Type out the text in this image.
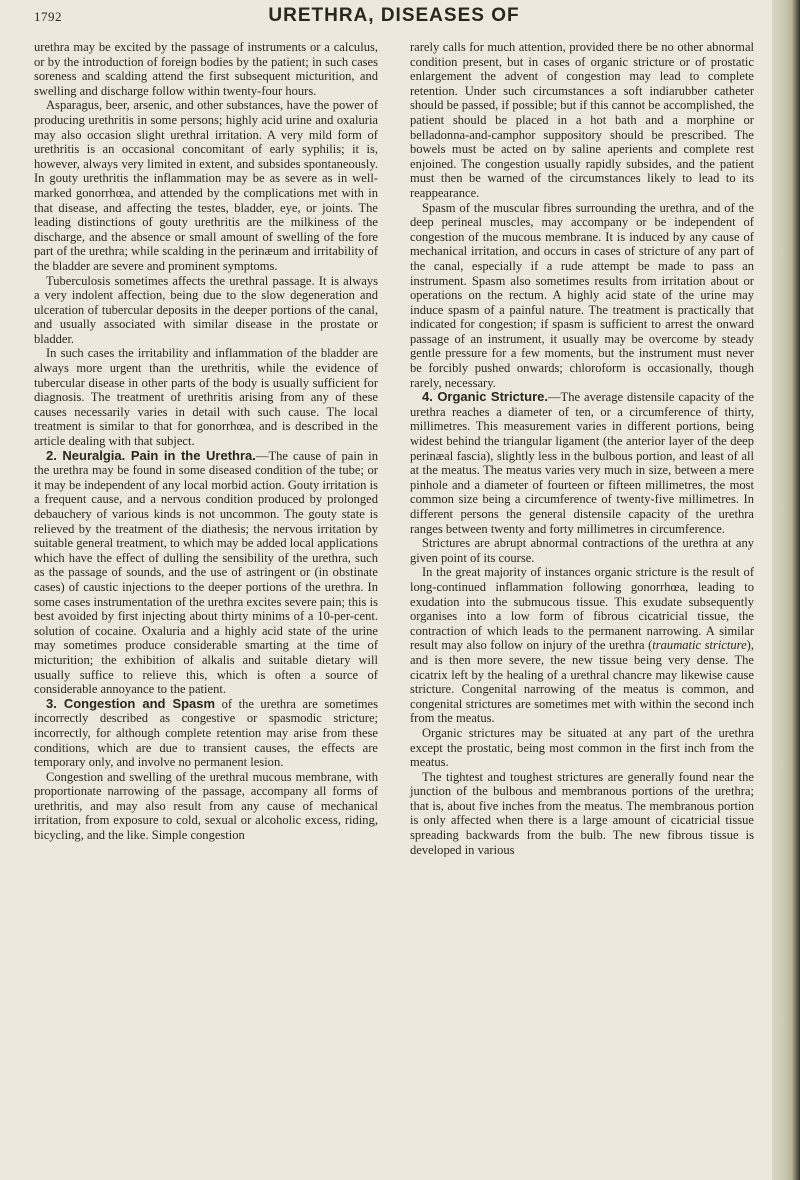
1792	URETHRA, DISEASES OF

urethra may be excited by the passage of instruments or a calculus, or by the introduction of foreign bodies by the patient; in such cases soreness and scalding attend the first subsequent micturition, and swelling and discharge follow within twenty-four hours.

Asparagus, beer, arsenic, and other substances, have the power of producing urethritis in some persons; highly acid urine and oxaluria may also occasion slight urethral irritation. A very mild form of urethritis is an occasional concomitant of early syphilis; it is, however, always very limited in extent, and subsides spontaneously. In gouty urethritis the inflammation may be as severe as in well-marked gonorrhœa, and attended by the complications met with in that disease, and affecting the testes, bladder, eye, or joints. The leading distinctions of gouty urethritis are the milkiness of the discharge, and the absence or small amount of swelling of the fore part of the urethra; while scalding in the perinæum and irritability of the bladder are severe and prominent symptoms.

Tuberculosis sometimes affects the urethral passage. It is always a very indolent affection, being due to the slow degeneration and ulceration of tubercular deposits in the deeper portions of the canal, and usually associated with similar disease in the prostate or bladder.

In such cases the irritability and inflammation of the bladder are always more urgent than the urethritis, while the evidence of tubercular disease in other parts of the body is usually sufficient for diagnosis. The treatment of urethritis arising from any of these causes necessarily varies in detail with such cause. The local treatment is similar to that for gonorrhœa, and is described in the article dealing with that subject.

2. Neuralgia. Pain in the Urethra.—The cause of pain in the urethra may be found in some diseased condition of the tube; or it may be independent of any local morbid action. Gouty irritation is a frequent cause, and a nervous condition produced by prolonged debauchery of various kinds is not uncommon. The gouty state is relieved by the treatment of the diathesis; the nervous irritation by suitable general treatment, to which may be added local applications which have the effect of dulling the sensibility of the urethra, such as the passage of sounds, and the use of astringent or (in obstinate cases) of caustic injections to the deeper portions of the urethra. In some cases instrumentation of the urethra excites severe pain; this is best avoided by first injecting about thirty minims of a 10-per-cent. solution of cocaine. Oxaluria and a highly acid state of the urine may sometimes produce considerable smarting at the time of micturition; the exhibition of alkalis and suitable dietary will usually suffice to relieve this, which is often a source of considerable annoyance to the patient.

3. Congestion and Spasm of the urethra are sometimes incorrectly described as congestive or spasmodic stricture; incorrectly, for although complete retention may arise from these conditions, which are due to transient causes, the effects are temporary only, and involve no permanent lesion.

Congestion and swelling of the urethral mucous membrane, with proportionate narrowing of the passage, accompany all forms of urethritis, and may also result from any cause of mechanical irritation, from exposure to cold, sexual or alcoholic excess, riding, bicycling, and the like. Simple congestion

rarely calls for much attention, provided there be no other abnormal condition present, but in cases of organic stricture or of prostatic enlargement the advent of congestion may lead to complete retention. Under such circumstances a soft indiarubber catheter should be passed, if possible; but if this cannot be accomplished, the patient should be placed in a hot bath and a morphine or belladonna-and-camphor suppository should be prescribed. The bowels must be acted on by saline aperients and complete rest enjoined. The congestion usually rapidly subsides, and the patient must then be warned of the circumstances likely to lead to its reappearance.

Spasm of the muscular fibres surrounding the urethra, and of the deep perineal muscles, may accompany or be independent of congestion of the mucous membrane. It is induced by any cause of mechanical irritation, and occurs in cases of stricture of any part of the canal, especially if a rude attempt be made to pass an instrument. Spasm also sometimes results from irritation about or operations on the rectum. A highly acid state of the urine may induce spasm of a painful nature. The treatment is practically that indicated for congestion; if spasm is sufficient to arrest the onward passage of an instrument, it usually may be overcome by steady gentle pressure for a few moments, but the instrument must never be forcibly pushed onwards; chloroform is occasionally, though rarely, necessary.

4. Organic Stricture.—The average distensile capacity of the urethra reaches a diameter of ten, or a circumference of thirty, millimetres. This measurement varies in different portions, being widest behind the triangular ligament (the anterior layer of the deep perinæal fascia), slightly less in the bulbous portion, and least of all at the meatus. The meatus varies very much in size, between a mere pinhole and a diameter of fourteen or fifteen millimetres, the most common size being a circumference of twenty-five millimetres. In different persons the general distensile capacity of the urethra ranges between twenty and forty millimetres in circumference.

Strictures are abrupt abnormal contractions of the urethra at any given point of its course.

In the great majority of instances organic stricture is the result of long-continued inflammation following gonorrhœa, leading to exudation into the submucous tissue. This exudate subsequently organises into a low form of fibrous cicatricial tissue, the contraction of which leads to the permanent narrowing. A similar result may also follow on injury of the urethra (traumatic stricture), and is then more severe, the new tissue being very dense. The cicatrix left by the healing of a urethral chancre may likewise cause stricture. Congenital narrowing of the meatus is common, and congenital strictures are sometimes met with within the second inch from the meatus.

Organic strictures may be situated at any part of the urethra except the prostatic, being most common in the first inch from the meatus.

The tightest and toughest strictures are generally found near the junction of the bulbous and membranous portions of the urethra; that is, about five inches from the meatus. The membranous portion is only affected when there is a large amount of cicatricial tissue spreading backwards from the bulb. The new fibrous tissue is developed in various
